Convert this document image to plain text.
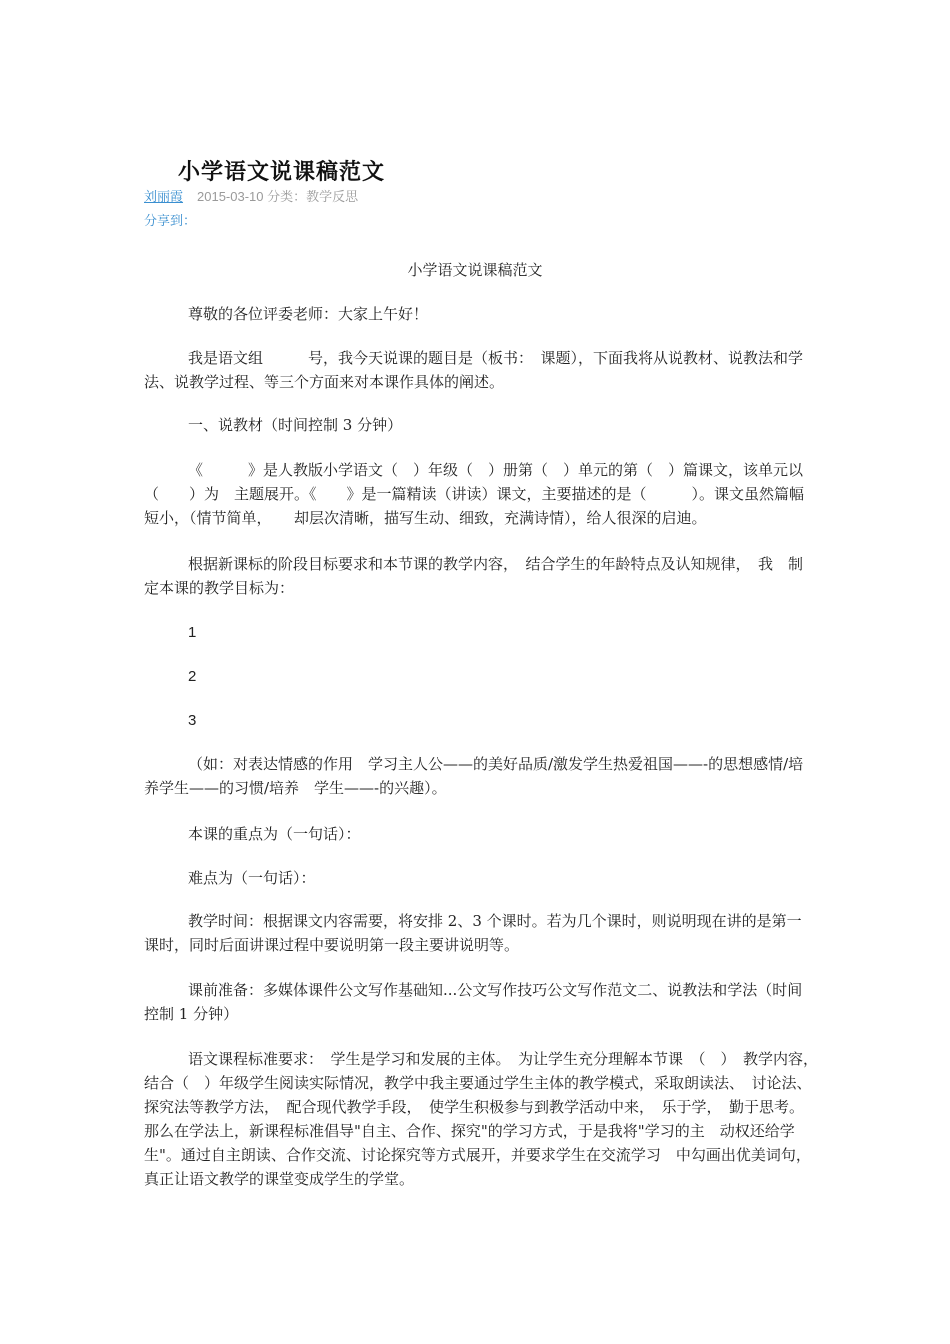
小学语文说课稿范文
刘丽霞 2015-03-10 分类：教学反思
分享到：
小学语文说课稿范文

尊敬的各位评委老师：大家上午好！

我是语文组　　　号，我今天说课的题目是（板书：　课题），下面我将从说教材、说教法和学法、说教学过程、等三个方面来对本课作具体的阐述。

一、说教材（时间控制 3 分钟）

《　　　》是人教版小学语文（　）年级（　）册第（　）单元的第（　）篇课文，该单元以（　　）为　主题展开。《　　》是一篇精读（讲读）课文，主要描述的是（　　　）。课文虽然篇幅短小，（情节简单，　　却层次清晰，描写生动、细致，充满诗情），给人很深的启迪。

根据新课标的阶段目标要求和本节课的教学内容，　结合学生的年龄特点及认知规律，　我　制定本课的教学目标为：

1
2
3

（如：对表达情感的作用　学习主人公——的美好品质/激发学生热爱祖国——-的思想感情/培养学生——的习惯/培养　学生——-的兴趣）。

本课的重点为（一句话）：

难点为（一句话）：

教学时间：根据课文内容需要，将安排 2、3 个课时。若为几个课时，则说明现在讲的是第一课时，同时后面讲课过程中要说明第一段主要讲说明等。

课前准备：多媒体课件公文写作基础知...公文写作技巧公文写作范文二、说教法和学法（时间控制 1 分钟）

语文课程标准要求：　学生是学习和发展的主体。　为让学生充分理解本节课　（　）　教学内容，　结合（　）年级学生阅读实际情况，教学中我主要通过学生主体的教学模式，采取朗读法、　讨论法、　探究法等教学方法，　配合现代教学手段，　使学生积极参与到教学活动中来，　乐于学，　勤于思考。那么在学法上，新课程标准倡导"自主、合作、探究"的学习方式，于是我将"学习的主　动权还给学生"。通过自主朗读、合作交流、讨论探究等方式展开，并要求学生在交流学习　中勾画出优美词句，真正让语文教学的课堂变成学生的学堂。
